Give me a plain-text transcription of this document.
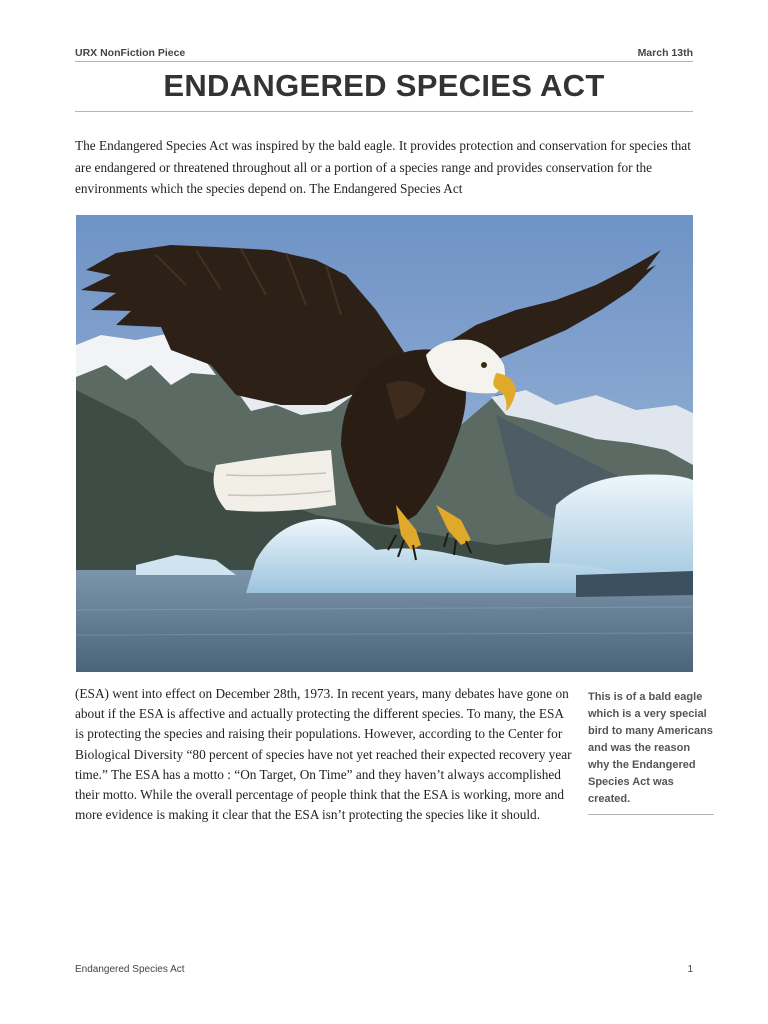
URX NonFiction Piece	March 13th
ENDANGERED SPECIES ACT

The Endangered Species Act was inspired by the bald eagle. It provides protection and conservation for species that are endangered or threatened throughout all or a portion of a species range and provides conservation for the environments which the species depend on. The Endangered Species Act

(ESA) went into effect on December 28th, 1973. In recent years, many debates have gone on about if the ESA is affective and actually protecting the different species. To many, the ESA is protecting the species and raising their populations. However, according to the Center for Biological Diversity “80 percent of species have not yet reached their expected recovery year time.” The ESA has a motto : “On Target, On Time” and they haven’t always accomplished their motto. While the overall percentage of people think that the ESA is working, more and more evidence is making it clear that the ESA isn’t protecting the species like it should.

This is of a bald eagle which is a very special bird to many Americans and was the reason why the Endangered Species Act was created.

Endangered Species Act	1
